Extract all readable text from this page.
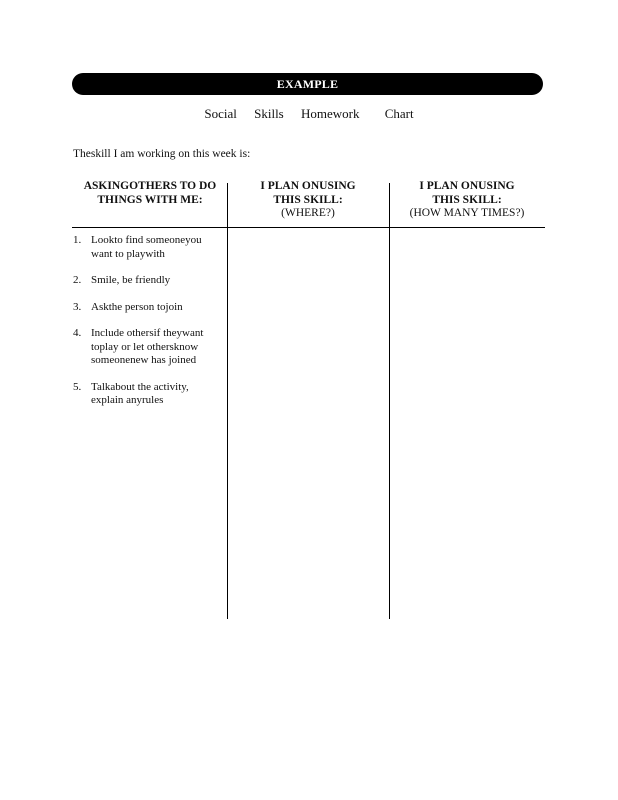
EXAMPLE
Social Skills Homework Chart
Theskill I am working on this week is:
ASKINGOTHERS TO DO
THINGS WITH ME:
I PLAN ONUSING
THIS SKILL:
(WHERE?)
I PLAN ONUSING
THIS SKILL:
(HOW MANY TIMES?)
1. Lookto find someoneyou
want to playwith
2. Smile, be friendly
3. Askthe person tojoin
4. Include othersif theywant
toplay or let othersknow
someonenew has joined
5. Talkabout the activity,
explain anyrules
